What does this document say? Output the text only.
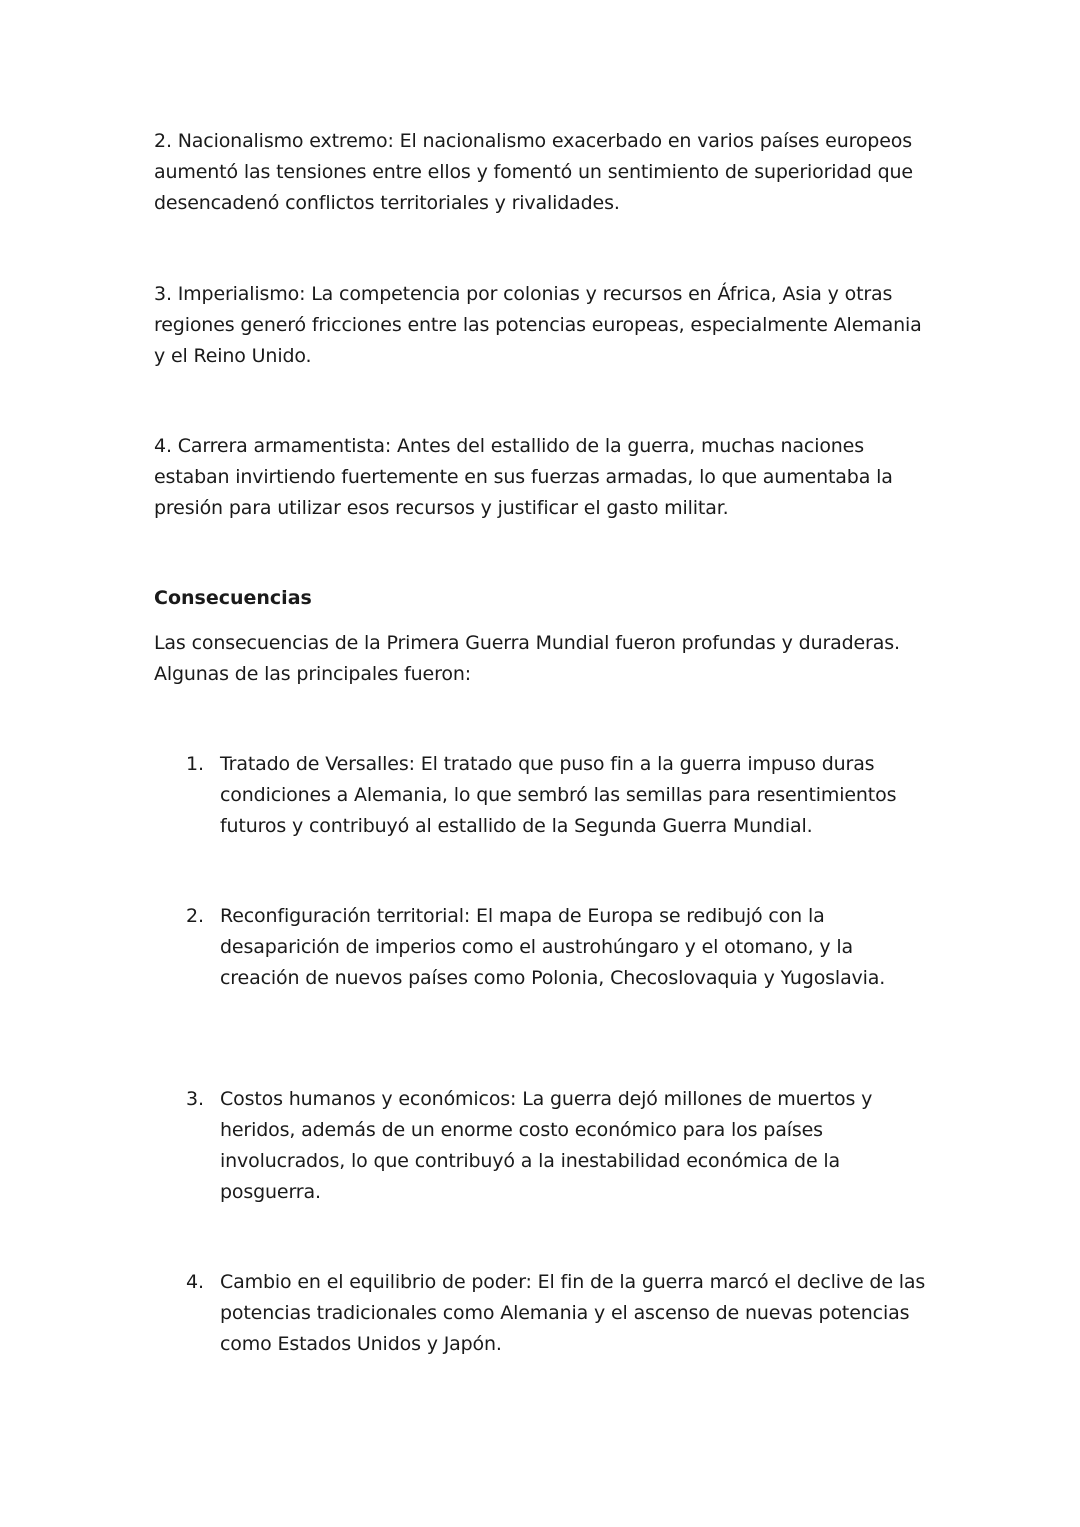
2. Nacionalismo extremo: El nacionalismo exacerbado en varios países europeos aumentó las tensiones entre ellos y fomentó un sentimiento de superioridad que desencadenó conflictos territoriales y rivalidades.

3. Imperialismo: La competencia por colonias y recursos en África, Asia y otras regiones generó fricciones entre las potencias europeas, especialmente Alemania y el Reino Unido.

4. Carrera armamentista: Antes del estallido de la guerra, muchas naciones estaban invirtiendo fuertemente en sus fuerzas armadas, lo que aumentaba la presión para utilizar esos recursos y justificar el gasto militar.

Consecuencias

Las consecuencias de la Primera Guerra Mundial fueron profundas y duraderas. Algunas de las principales fueron:

1. Tratado de Versalles: El tratado que puso fin a la guerra impuso duras condiciones a Alemania, lo que sembró las semillas para resentimientos futuros y contribuyó al estallido de la Segunda Guerra Mundial.
2. Reconfiguración territorial: El mapa de Europa se redibujó con la desaparición de imperios como el austrohúngaro y el otomano, y la creación de nuevos países como Polonia, Checoslovaquia y Yugoslavia.
3. Costos humanos y económicos: La guerra dejó millones de muertos y heridos, además de un enorme costo económico para los países involucrados, lo que contribuyó a la inestabilidad económica de la posguerra.
4. Cambio en el equilibrio de poder: El fin de la guerra marcó el declive de las potencias tradicionales como Alemania y el ascenso de nuevas potencias como Estados Unidos y Japón.
